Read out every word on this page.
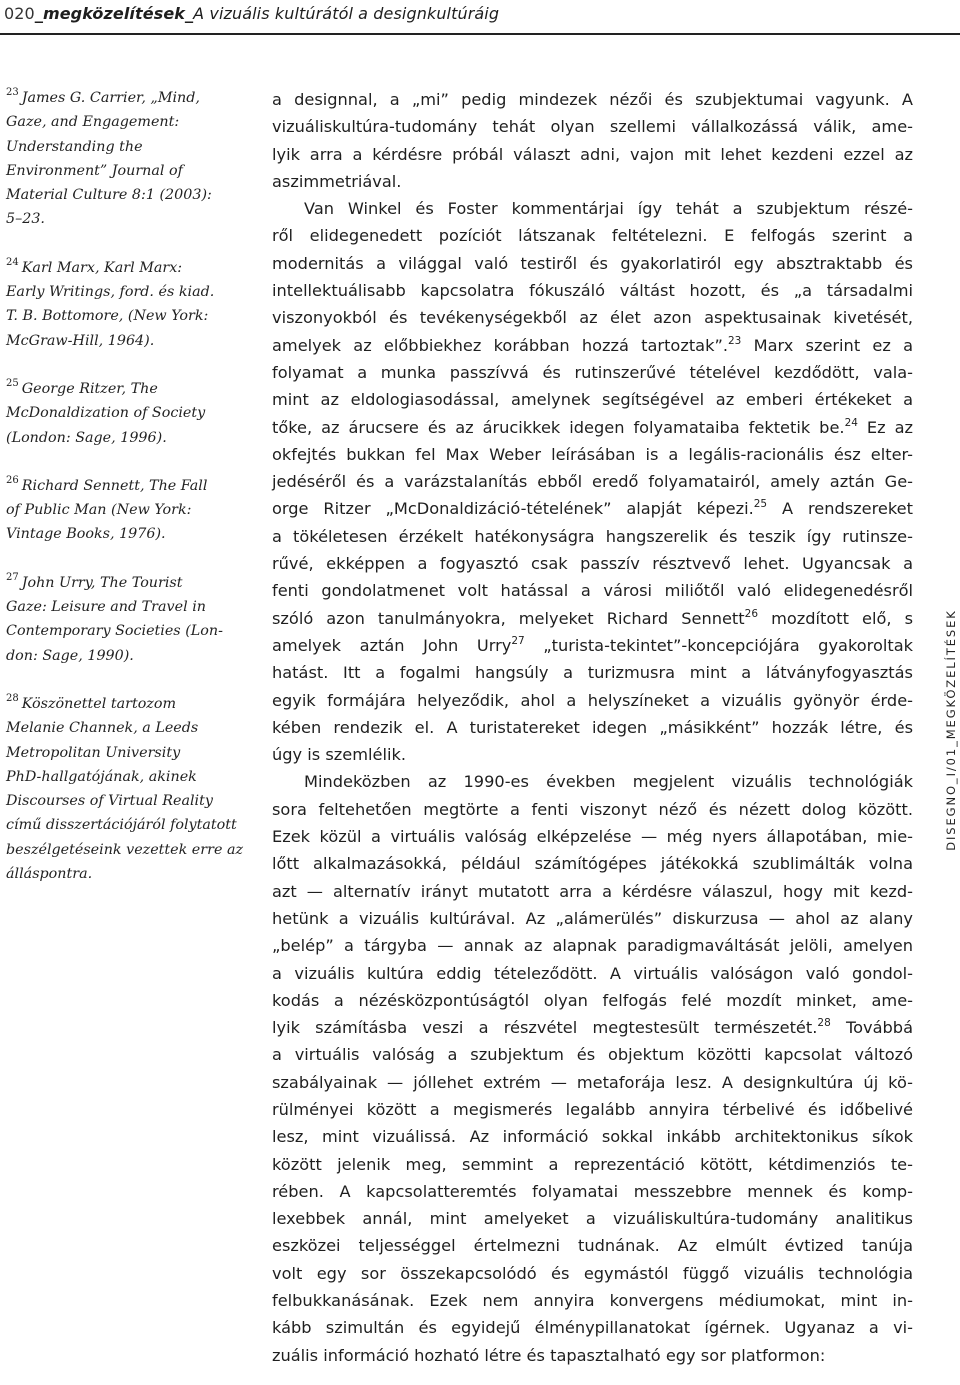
020_megközelítések_A vizuális kultúrától a designkultúráig
$^{23}$ James G. Carrier, „Mind,
Gaze, and Engagement:
Understanding the
Environment” Journal of
Material Culture 8:1 (2003):
5–23.
$^{24}$ Karl Marx, Karl Marx:
Early Writings, ford. és kiad.
T. B. Bottomore, (New York:
McGraw-Hill, 1964).
$^{25}$ George Ritzer, The
McDonaldization of Society
(London: Sage, 1996).
$^{26}$ Richard Sennett, The Fall
of Public Man (New York:
Vintage Books, 1976).
$^{27}$ John Urry, The Tourist
Gaze: Leisure and Travel in
Contemporary Societies (Lon-
don: Sage, 1990).
$^{28}$ Köszönettel tartozom
Melanie Channek, a Leeds
Metropolitan University
PhD-hallgatójának, akinek
Discourses of Virtual Reality
című disszertációjáról folytatott
beszélgetéseink vezettek erre az
álláspontra.
a designnal, a „mi” pedig mindezek nézői és szubjektumai vagyunk. A
vizuáliskultúra-tudomány tehát olyan szellemi vállalkozássá válik, ame-
lyik arra a kérdésre próbál választ adni, vajon mit lehet kezdeni ezzel az
aszimmetriával.
Van Winkel és Foster kommentárjai így tehát a szubjektum részé-
ről elidegenedett pozíciót látszanak feltételezni. E felfogás szerint a
modernitás a világgal való testiről és gyakorlatiról egy absztraktabb és
intellektuálisabb kapcsolatra fókuszáló váltást hozott, és „a társadalmi
viszonyokból és tevékenységekből az élet azon aspektusainak kivetését,
amelyek az előbbiekhez korábban hozzá tartoztak”.$^{23}$ Marx szerint ez a
folyamat a munka passzívvá és rutinszerűvé tételével kezdődött, vala-
mint az eldologiasodással, amelynek segítségével az emberi értékeket a
tőke, az árucsere és az árucikkek idegen folyamataiba fektetik be.$^{24}$ Ez az
okfejtés bukkan fel Max Weber leírásában is a legális-racionális ész elter-
jedéséről és a varázstalanítás ebből eredő folyamatairól, amely aztán Ge-
orge Ritzer „McDonaldizáció-tételének” alapját képezi.$^{25}$ A rendszereket
a tökéletesen érzékelt hatékonyságra hangszerelik és teszik így rutinsze-
rűvé, ekképpen a fogyasztó csak passzív résztvevő lehet. Ugyancsak a
fenti gondolatmenet volt hatással a városi miliőtől való elidegenedésről
szóló azon tanulmányokra, melyeket Richard Sennett$^{26}$ mozdított elő, s
amelyek aztán John Urry$^{27}$ „turista-tekintet”-koncepciójára gyakoroltak
hatást. Itt a fogalmi hangsúly a turizmusra mint a látványfogyasztás
egyik formájára helyeződik, ahol a helyszíneket a vizuális gyönyör érde-
kében rendezik el. A turistatereket idegen „másikként” hozzák létre, és
úgy is szemlélik.
Mindeközben az 1990-es években megjelent vizuális technológiák
sora feltehetően megtörte a fenti viszonyt néző és nézett dolog között.
Ezek közül a virtuális valóság elképzelése — még nyers állapotában, mie-
lőtt alkalmazásokká, például számítógépes játékokká szublimálták volna
azt — alternatív irányt mutatott arra a kérdésre válaszul, hogy mit kezd-
hetünk a vizuális kultúrával. Az „alámerülés” diskurzusa — ahol az alany
„belép” a tárgyba — annak az alapnak paradigmaváltását jelöli, amelyen
a vizuális kultúra eddig tételeződött. A virtuális valóságon való gondol-
kodás a nézésközpontúságtól olyan felfogás felé mozdít minket, ame-
lyik számításba veszi a részvétel megtestesült természetét.$^{28}$ Továbbá
a virtuális valóság a szubjektum és objektum közötti kapcsolat változó
szabályainak — jóllehet extrém — metaforája lesz. A designkultúra új kö-
rülményei között a megismerés legalább annyira térbelivé és időbelivé
lesz, mint vizuálissá. Az információ sokkal inkább architektonikus síkok
között jelenik meg, semmint a reprezentáció kötött, kétdimenziós te-
rében. A kapcsolatteremtés folyamatai messzebbre mennek és komp-
lexebbek annál, mint amelyeket a vizuáliskultúra-tudomány analitikus
eszközei teljességgel értelmezni tudnának. Az elmúlt évtized tanúja
volt egy sor összekapcsolódó és egymástól függő vizuális technológia
felbukkanásának. Ezek nem annyira konvergens médiumokat, mint in-
kább szimultán és egyidejű élménypillanatokat ígérnek. Ugyanaz a vi-
zuális információ hozható létre és tapasztalható egy sor platformon:
DISEGNO_I/01_MEGKÖZELÍTÉSEK
